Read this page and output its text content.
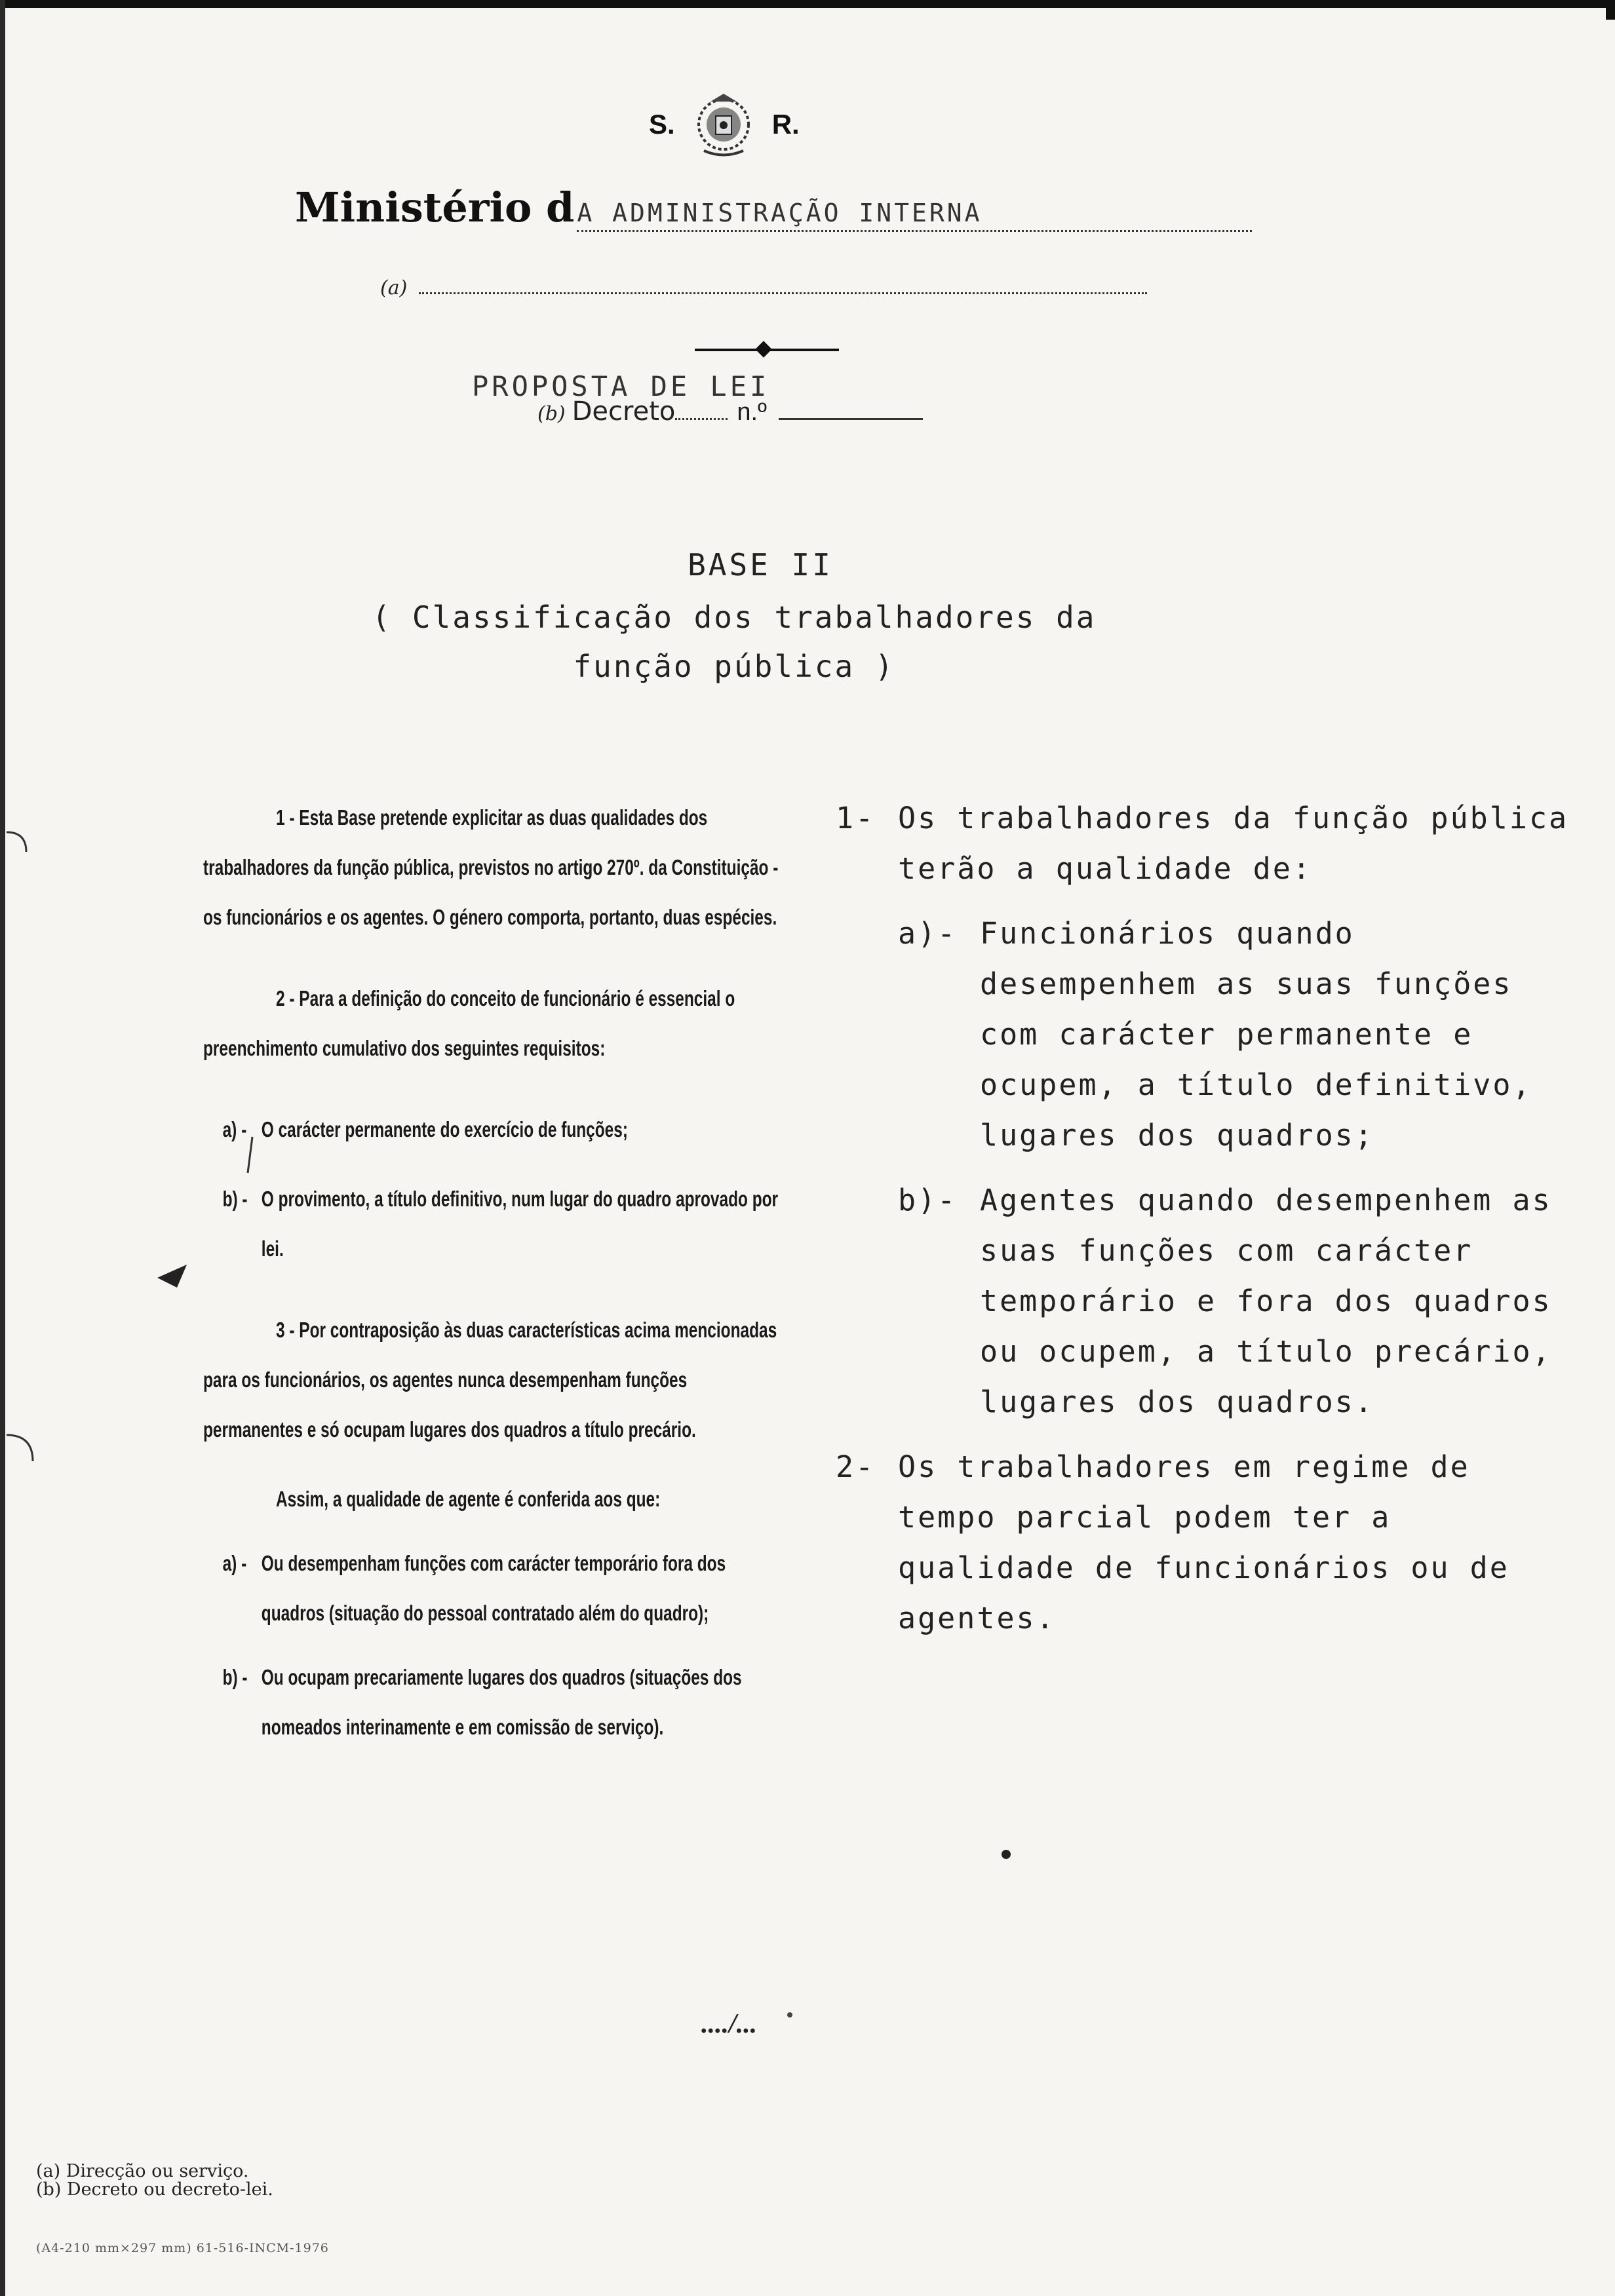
S.	R.
Ministério d A ADMINISTRAÇÃO INTERNA
(a)
PROPOSTA DE LEI
(b) Decreto n.º
BASE II
( Classificação dos trabalhadores da
função pública )

1 - Esta Base pretende explicitar as duas qualidades dos trabalhadores da função pública, previstos no artigo 270º. da Constituição - os funcionários e os agentes. O género comporta, portanto, duas espécies.

2 - Para a definição do conceito de funcionário é essencial o preenchimento cumulativo dos seguintes requisitos:

a) - O carácter permanente do exercício de funções;
b) - O provimento, a título definitivo, num lugar do quadro aprovado por lei.

3 - Por contraposição às duas características acima mencionadas para os funcionários, os agentes nunca desempenham funções permanentes e só ocupam lugares dos quadros a título precário.

Assim, a qualidade de agente é conferida aos que:

a) - Ou desempenham funções com carácter temporário fora dos quadros (situação do pessoal contratado além do quadro);
b) - Ou ocupam precariamente lugares dos quadros (situações dos nomeados interinamente e em comissão de serviço).
1- Os trabalhadores da função pública terão a qualidade de:
a)- Funcionários quando desempenhem as suas funções com carácter permanente e ocupem, a título definitivo, lugares dos quadros;
b)- Agentes quando desempenhem as suas funções com carácter temporário e fora dos quadros ou ocupem, a título precário, lugares dos quadros.
2- Os trabalhadores em regime de tempo parcial podem ter a qualidade de funcionários ou de agentes.
..../...
(a) Direcção ou serviço.
(b) Decreto ou decreto-lei.
(A4-210 mm×297 mm) 61-516-INCM-1976
